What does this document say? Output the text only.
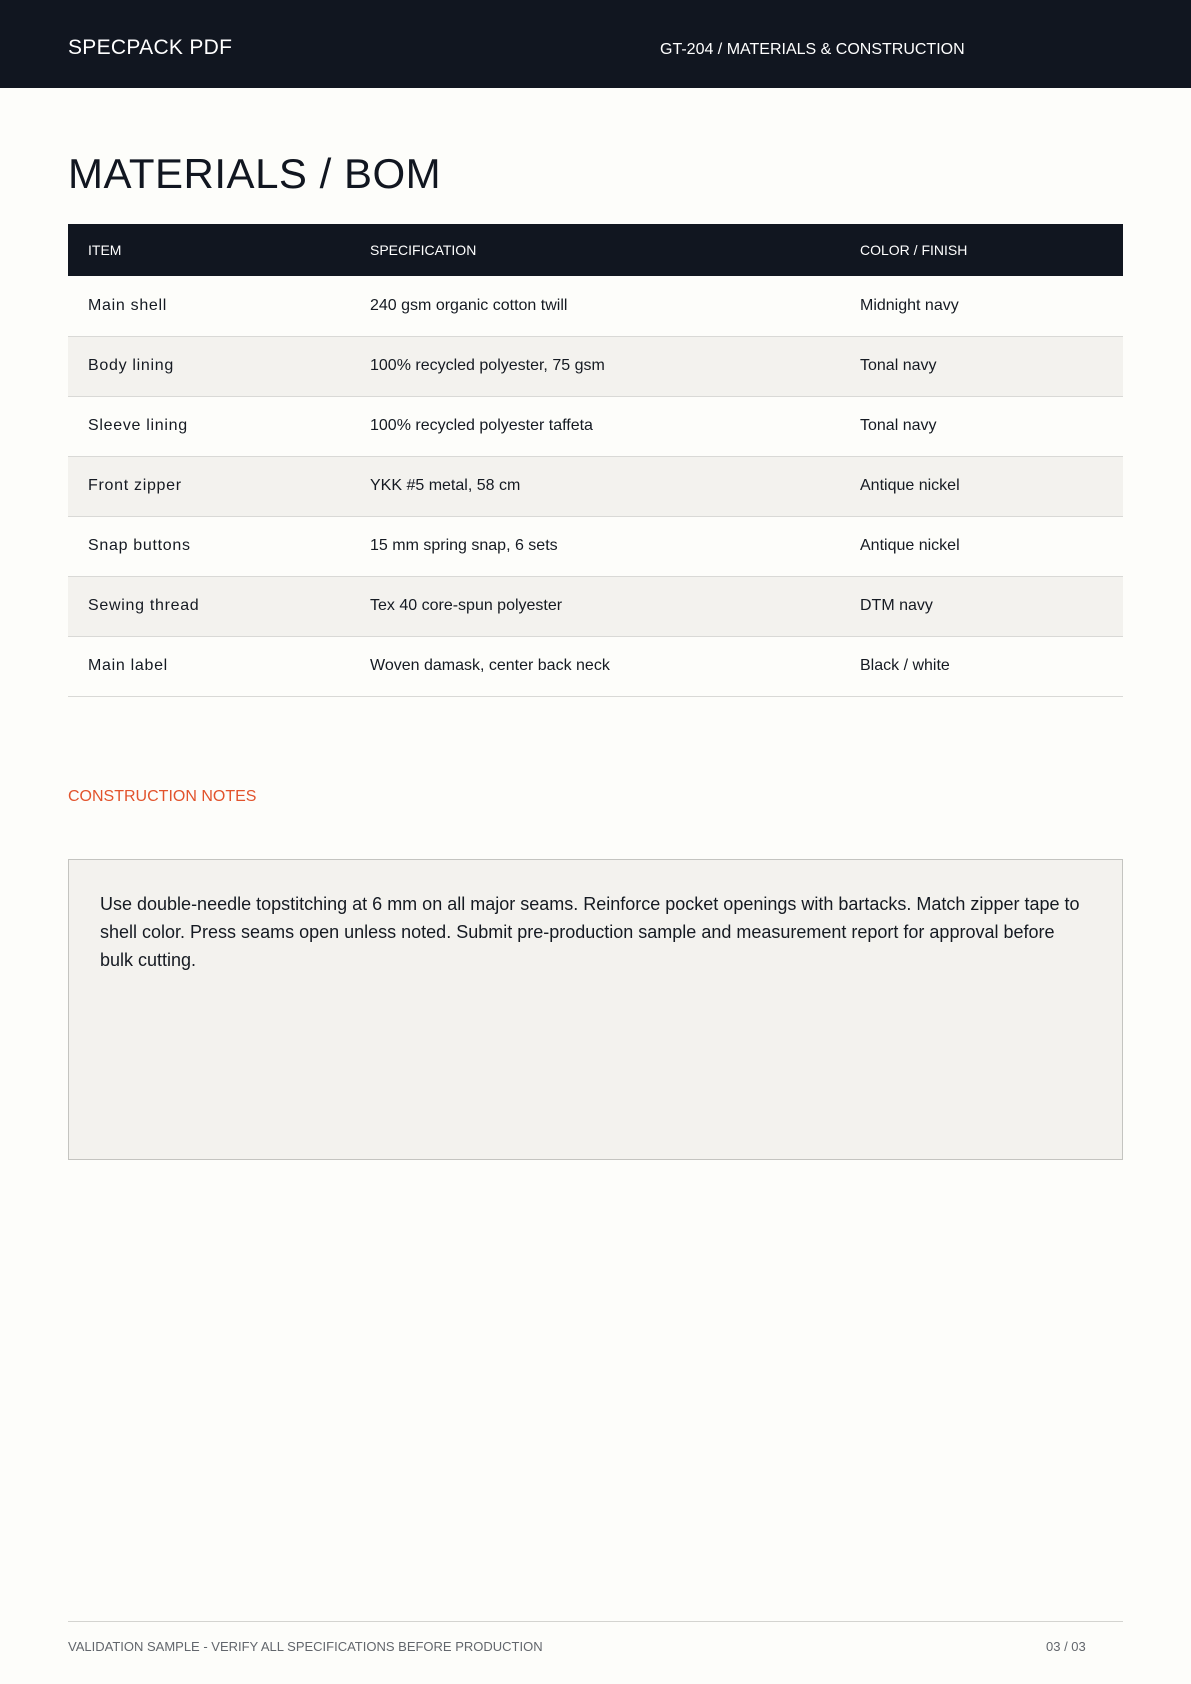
SPECPACK PDF	GT-204 / MATERIALS & CONSTRUCTION
MATERIALS / BOM
ITEM	SPECIFICATION	COLOR / FINISH
Main shell	240 gsm organic cotton twill	Midnight navy
Body lining	100% recycled polyester, 75 gsm	Tonal navy
Sleeve lining	100% recycled polyester taffeta	Tonal navy
Front zipper	YKK #5 metal, 58 cm	Antique nickel
Snap buttons	15 mm spring snap, 6 sets	Antique nickel
Sewing thread	Tex 40 core-spun polyester	DTM navy
Main label	Woven damask, center back neck	Black / white
CONSTRUCTION NOTES

Use double-needle topstitching at 6 mm on all major seams. Reinforce pocket openings with bartacks. Match zipper tape to shell color. Press seams open unless noted. Submit pre-production sample and measurement report for approval before bulk cutting.

VALIDATION SAMPLE - VERIFY ALL SPECIFICATIONS BEFORE PRODUCTION	03 / 03
